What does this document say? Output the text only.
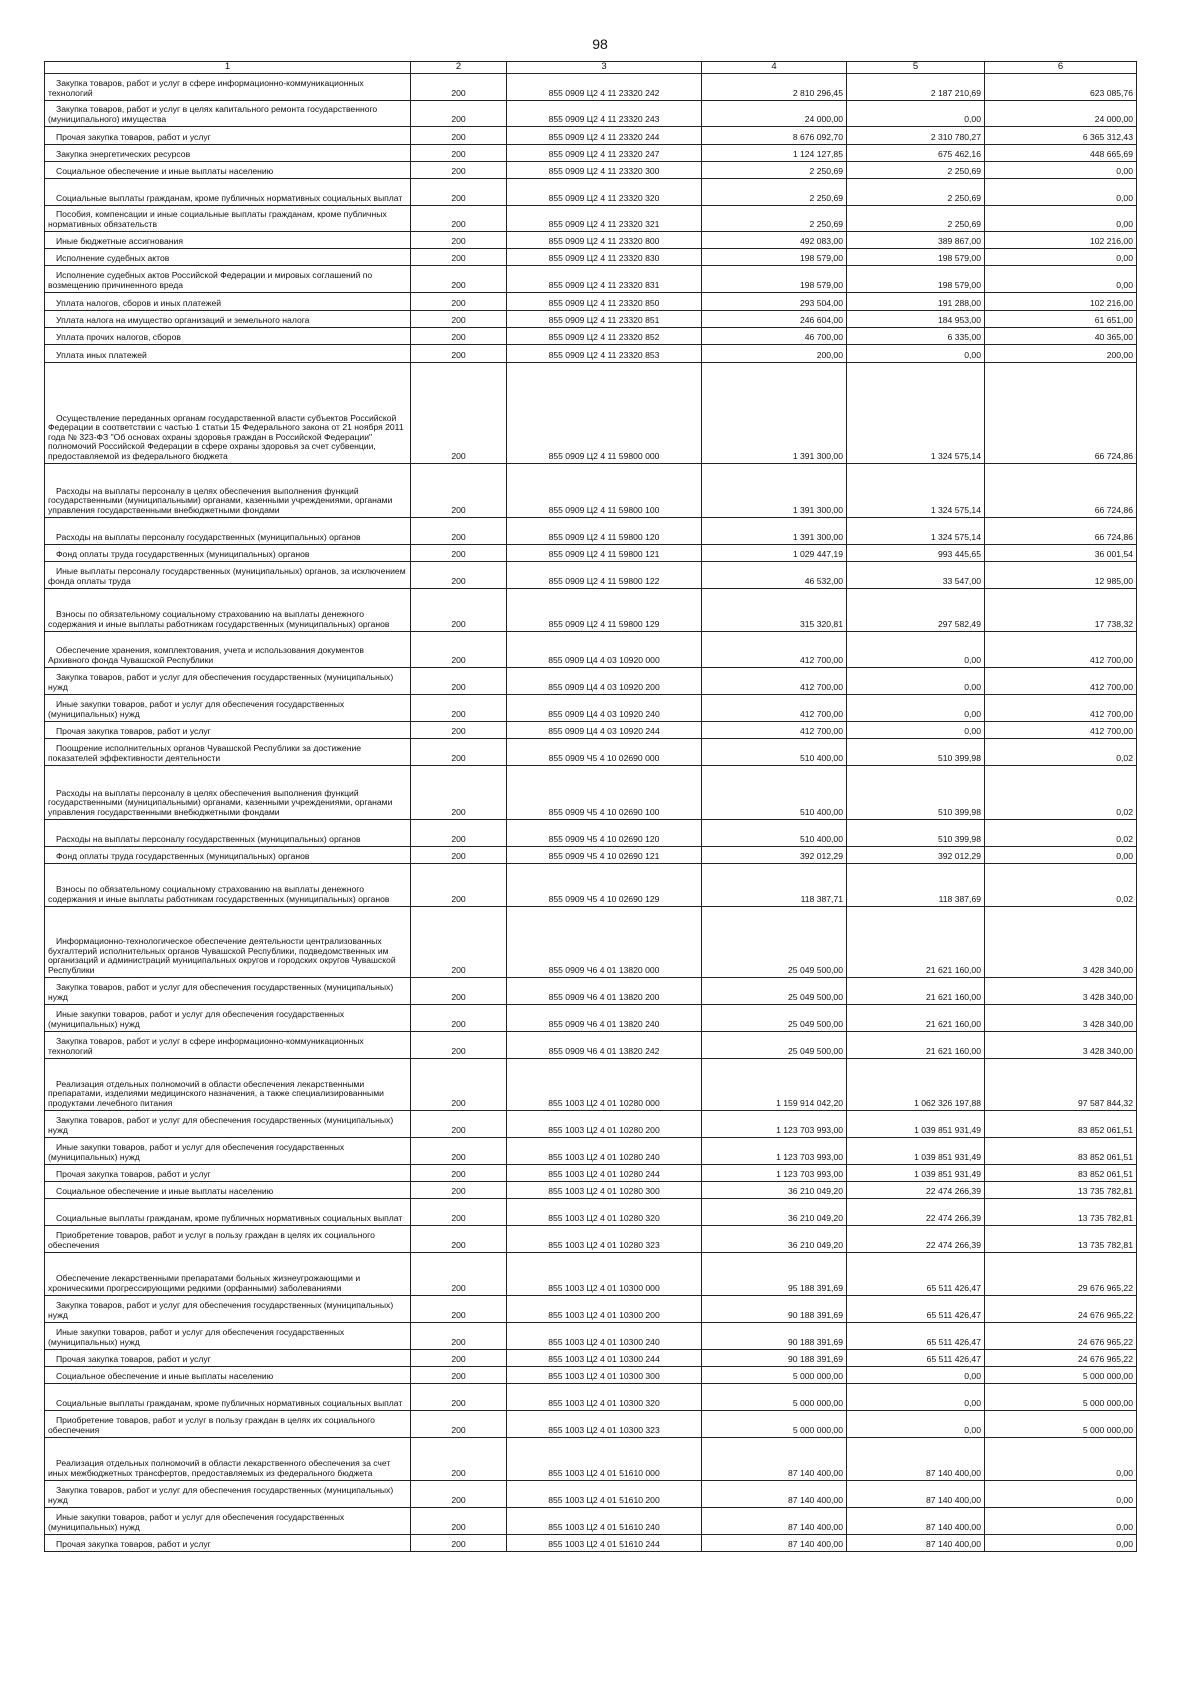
98
1	2	3	4	5	6
Закупка товаров, работ и услуг в сфере информационно-коммуникационных технологий	200	855 0909 Ц2 4 11 23320 242	2 810 296,45	2 187 210,69	623 085,76
Закупка товаров, работ и услуг в целях капитального ремонта государственного (муниципального) имущества	200	855 0909 Ц2 4 11 23320 243	24 000,00	0,00	24 000,00
Прочая закупка товаров, работ и услуг	200	855 0909 Ц2 4 11 23320 244	8 676 092,70	2 310 780,27	6 365 312,43
Закупка энергетических ресурсов	200	855 0909 Ц2 4 11 23320 247	1 124 127,85	675 462,16	448 665,69
Социальное обеспечение и иные выплаты населению	200	855 0909 Ц2 4 11 23320 300	2 250,69	2 250,69	0,00
Социальные выплаты гражданам, кроме публичных нормативных социальных выплат	200	855 0909 Ц2 4 11 23320 320	2 250,69	2 250,69	0,00
Пособия, компенсации и иные социальные выплаты гражданам, кроме публичных нормативных обязательств	200	855 0909 Ц2 4 11 23320 321	2 250,69	2 250,69	0,00
Иные бюджетные ассигнования	200	855 0909 Ц2 4 11 23320 800	492 083,00	389 867,00	102 216,00
Исполнение судебных актов	200	855 0909 Ц2 4 11 23320 830	198 579,00	198 579,00	0,00
Исполнение судебных актов Российской Федерации и мировых соглашений по возмещению причиненного вреда	200	855 0909 Ц2 4 11 23320 831	198 579,00	198 579,00	0,00
Уплата налогов, сборов и иных платежей	200	855 0909 Ц2 4 11 23320 850	293 504,00	191 288,00	102 216,00
Уплата налога на имущество организаций и земельного налога	200	855 0909 Ц2 4 11 23320 851	246 604,00	184 953,00	61 651,00
Уплата прочих налогов, сборов	200	855 0909 Ц2 4 11 23320 852	46 700,00	6 335,00	40 365,00
Уплата иных платежей	200	855 0909 Ц2 4 11 23320 853	200,00	0,00	200,00
Осуществление переданных органам государственной власти субъектов Российской Федерации в соответствии с частью 1 статьи 15 Федерального закона от 21 ноября 2011 года № 323-ФЗ "Об основах охраны здоровья граждан в Российской Федерации" полномочий Российской Федерации в сфере охраны здоровья за счет субвенции, предоставляемой из федерального бюджета	200	855 0909 Ц2 4 11 59800 000	1 391 300,00	1 324 575,14	66 724,86
Расходы на выплаты персоналу в целях обеспечения выполнения функций государственными (муниципальными) органами, казенными учреждениями, органами управления государственными внебюджетными фондами	200	855 0909 Ц2 4 11 59800 100	1 391 300,00	1 324 575,14	66 724,86
Расходы на выплаты персоналу государственных (муниципальных) органов	200	855 0909 Ц2 4 11 59800 120	1 391 300,00	1 324 575,14	66 724,86
Фонд оплаты труда государственных (муниципальных) органов	200	855 0909 Ц2 4 11 59800 121	1 029 447,19	993 445,65	36 001,54
Иные выплаты персоналу государственных (муниципальных) органов, за исключением фонда оплаты труда	200	855 0909 Ц2 4 11 59800 122	46 532,00	33 547,00	12 985,00
Взносы по обязательному социальному страхованию на выплаты денежного содержания и иные выплаты работникам государственных (муниципальных) органов	200	855 0909 Ц2 4 11 59800 129	315 320,81	297 582,49	17 738,32
Обеспечение хранения, комплектования, учета и использования документов Архивного фонда Чувашской Республики	200	855 0909 Ц4 4 03 10920 000	412 700,00	0,00	412 700,00
Закупка товаров, работ и услуг для обеспечения государственных (муниципальных) нужд	200	855 0909 Ц4 4 03 10920 200	412 700,00	0,00	412 700,00
Иные закупки товаров, работ и услуг для обеспечения государственных (муниципальных) нужд	200	855 0909 Ц4 4 03 10920 240	412 700,00	0,00	412 700,00
Прочая закупка товаров, работ и услуг	200	855 0909 Ц4 4 03 10920 244	412 700,00	0,00	412 700,00
Поощрение исполнительных органов Чувашской Республики за достижение показателей эффективности деятельности	200	855 0909 Ч5 4 10 02690 000	510 400,00	510 399,98	0,02
Расходы на выплаты персоналу в целях обеспечения выполнения функций государственными (муниципальными) органами, казенными учреждениями, органами управления государственными внебюджетными фондами	200	855 0909 Ч5 4 10 02690 100	510 400,00	510 399,98	0,02
Расходы на выплаты персоналу государственных (муниципальных) органов	200	855 0909 Ч5 4 10 02690 120	510 400,00	510 399,98	0,02
Фонд оплаты труда государственных (муниципальных) органов	200	855 0909 Ч5 4 10 02690 121	392 012,29	392 012,29	0,00
Взносы по обязательному социальному страхованию на выплаты денежного содержания и иные выплаты работникам государственных (муниципальных) органов	200	855 0909 Ч5 4 10 02690 129	118 387,71	118 387,69	0,02
Информационно-технологическое обеспечение деятельности централизованных бухгалтерий исполнительных органов Чувашской Республики, подведомственных им организаций и администраций муниципальных округов и городских округов Чувашской Республики	200	855 0909 Ч6 4 01 13820 000	25 049 500,00	21 621 160,00	3 428 340,00
Закупка товаров, работ и услуг для обеспечения государственных (муниципальных) нужд	200	855 0909 Ч6 4 01 13820 200	25 049 500,00	21 621 160,00	3 428 340,00
Иные закупки товаров, работ и услуг для обеспечения государственных (муниципальных) нужд	200	855 0909 Ч6 4 01 13820 240	25 049 500,00	21 621 160,00	3 428 340,00
Закупка товаров, работ и услуг в сфере информационно-коммуникационных технологий	200	855 0909 Ч6 4 01 13820 242	25 049 500,00	21 621 160,00	3 428 340,00
Реализация отдельных полномочий в области обеспечения лекарственными препаратами, изделиями медицинского назначения, а также специализированными продуктами лечебного питания	200	855 1003 Ц2 4 01 10280 000	1 159 914 042,20	1 062 326 197,88	97 587 844,32
Закупка товаров, работ и услуг для обеспечения государственных (муниципальных) нужд	200	855 1003 Ц2 4 01 10280 200	1 123 703 993,00	1 039 851 931,49	83 852 061,51
Иные закупки товаров, работ и услуг для обеспечения государственных (муниципальных) нужд	200	855 1003 Ц2 4 01 10280 240	1 123 703 993,00	1 039 851 931,49	83 852 061,51
Прочая закупка товаров, работ и услуг	200	855 1003 Ц2 4 01 10280 244	1 123 703 993,00	1 039 851 931,49	83 852 061,51
Социальное обеспечение и иные выплаты населению	200	855 1003 Ц2 4 01 10280 300	36 210 049,20	22 474 266,39	13 735 782,81
Социальные выплаты гражданам, кроме публичных нормативных социальных выплат	200	855 1003 Ц2 4 01 10280 320	36 210 049,20	22 474 266,39	13 735 782,81
Приобретение товаров, работ и услуг в пользу граждан в целях их социального обеспечения	200	855 1003 Ц2 4 01 10280 323	36 210 049,20	22 474 266,39	13 735 782,81
Обеспечение лекарственными препаратами больных жизнеугрожающими и хроническими прогрессирующими редкими (орфанными) заболеваниями	200	855 1003 Ц2 4 01 10300 000	95 188 391,69	65 511 426,47	29 676 965,22
Закупка товаров, работ и услуг для обеспечения государственных (муниципальных) нужд	200	855 1003 Ц2 4 01 10300 200	90 188 391,69	65 511 426,47	24 676 965,22
Иные закупки товаров, работ и услуг для обеспечения государственных (муниципальных) нужд	200	855 1003 Ц2 4 01 10300 240	90 188 391,69	65 511 426,47	24 676 965,22
Прочая закупка товаров, работ и услуг	200	855 1003 Ц2 4 01 10300 244	90 188 391,69	65 511 426,47	24 676 965,22
Социальное обеспечение и иные выплаты населению	200	855 1003 Ц2 4 01 10300 300	5 000 000,00	0,00	5 000 000,00
Социальные выплаты гражданам, кроме публичных нормативных социальных выплат	200	855 1003 Ц2 4 01 10300 320	5 000 000,00	0,00	5 000 000,00
Приобретение товаров, работ и услуг в пользу граждан в целях их социального обеспечения	200	855 1003 Ц2 4 01 10300 323	5 000 000,00	0,00	5 000 000,00
Реализация отдельных полномочий в области лекарственного обеспечения за счет иных межбюджетных трансфертов, предоставляемых из федерального бюджета	200	855 1003 Ц2 4 01 51610 000	87 140 400,00	87 140 400,00	0,00
Закупка товаров, работ и услуг для обеспечения государственных (муниципальных) нужд	200	855 1003 Ц2 4 01 51610 200	87 140 400,00	87 140 400,00	0,00
Иные закупки товаров, работ и услуг для обеспечения государственных (муниципальных) нужд	200	855 1003 Ц2 4 01 51610 240	87 140 400,00	87 140 400,00	0,00
Прочая закупка товаров, работ и услуг	200	855 1003 Ц2 4 01 51610 244	87 140 400,00	87 140 400,00	0,00
